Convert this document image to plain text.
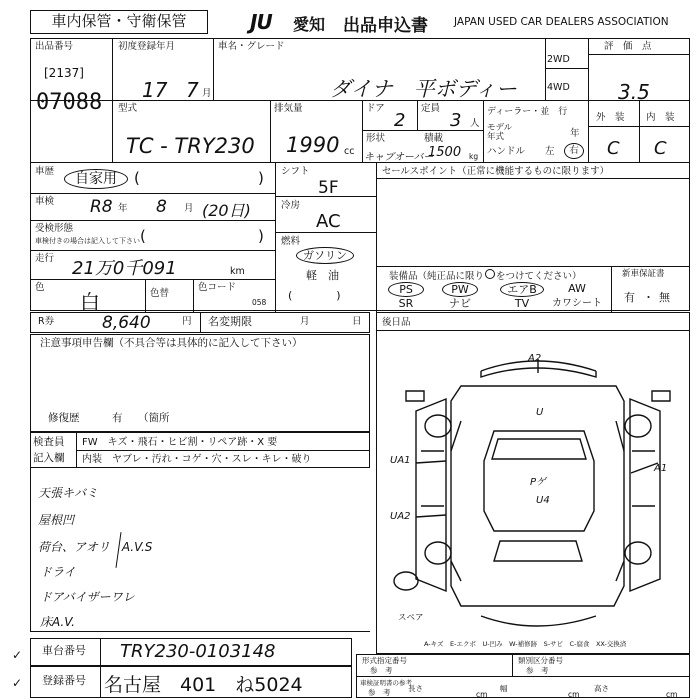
車内保管・守衛保管	JU	愛知 出品申込書 JAPAN USED CAR DEALERS ASSOCIATION
出品番号
[2137]
07088
初度登録年月
17 7 月
車名・グレード
ダイナ　平ボディー
2WD
4WD
評　価　点
3.5
型式
TC - TRY230
排気量
1990 cc
ドア
2
定員
3 人
形状
キャブオーバー
積載
1500 kg
ディーラー・並　行
モデル　年式	年
ハンドル 左	右
外　装 内　装
C C
車歴	自家用	(	)
車検 R8 年 8 月 (20日)
受検形態
車検付きの場合は記入して下さい (	)
走行 21万0千091	km
色
白	色替
色コード
058
シフト
5F
冷房
AC
燃料
ガソリン
軽　油
(　　　　)
セールスポイント（正常に機能するものに限ります）
装備品（純正品に限り をつけてください）
PS	PW	エアB	AW
SR	ナビ	TV	カワシート
新車保証書
有 ・ 無
R券	8,640	円 名変期限	月	日
注意事項申告欄（不具合等は具体的に記入して下さい）
修復歴	有 （箇所
検査員
記入欄
FW　キズ・飛石・ヒビ割・リペア跡・X 要
内装　ヤブレ・汚れ・コゲ・穴・スレ・キレ・破り
天張キバミ
屋根凹
荷台、アオリ　A.V.S
ドライ
ドアバイザーワレ
床A.V.
後日品
A2
U
A1
UA1
UA2
Pゲ
U4
スペア
A-キズ　E-エクボ　U-凹み　W-補修跡　S-サビ　C-腐食　XX-交換済
車台番号 TRY230-0103148
登録番号 名古屋　401　ね5024
✓
✓
形式指定番号
参　考
類別区分番号
参　考
車検証明書の参考
参　考 長さ
cm
幅
cm
高さ
cm
